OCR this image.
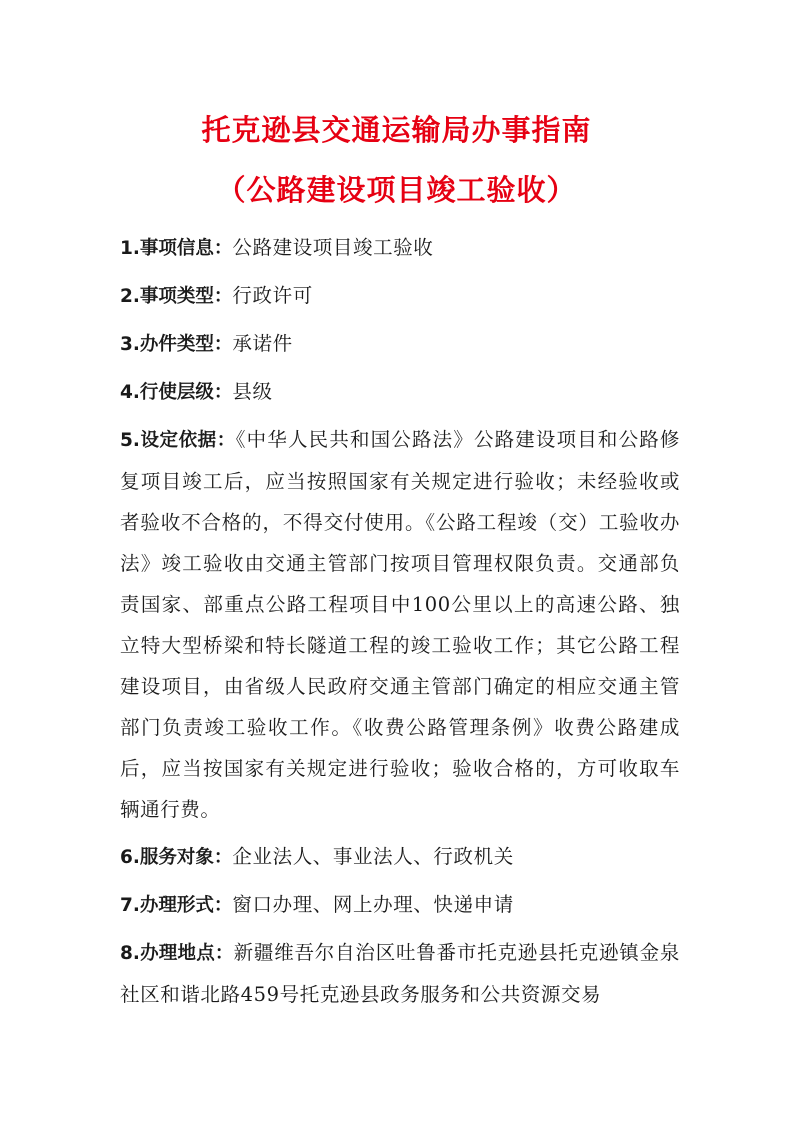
托克逊县交通运输局办事指南
（公路建设项目竣工验收）

1.事项信息：公路建设项目竣工验收

2.事项类型：行政许可

3.办件类型：承诺件

4.行使层级：县级

5.设定依据：《中华人民共和国公路法》公路建设项目和公路修复项目竣工后，应当按照国家有关规定进行验收；未经验收或者验收不合格的，不得交付使用。《公路工程竣（交）工验收办法》竣工验收由交通主管部门按项目管理权限负责。交通部负责国家、部重点公路工程项目中100公里以上的高速公路、独立特大型桥梁和特长隧道工程的竣工验收工作；其它公路工程建设项目，由省级人民政府交通主管部门确定的相应交通主管部门负责竣工验收工作。《收费公路管理条例》收费公路建成后，应当按国家有关规定进行验收；验收合格的，方可收取车辆通行费。

6.服务对象：企业法人、事业法人、行政机关

7.办理形式：窗口办理、网上办理、快递申请

8.办理地点：新疆维吾尔自治区吐鲁番市托克逊县托克逊镇金泉社区和谐北路459号托克逊县政务服务和公共资源交易
